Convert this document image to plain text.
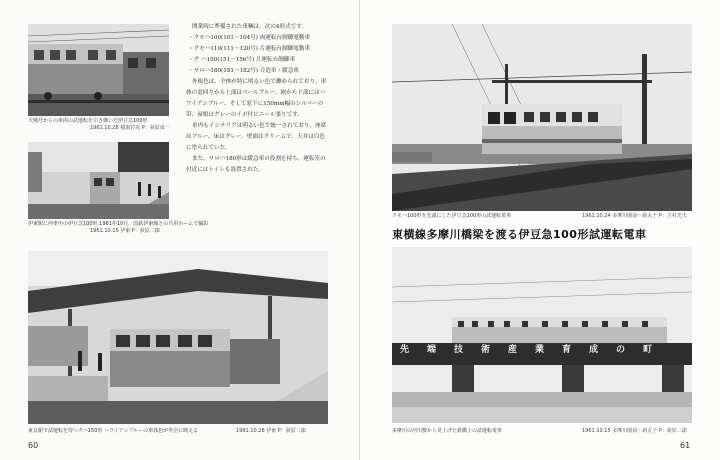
天城号からの車両の試運転を引き継いだ伊豆急100形
1961.10.28 稲取付近 P：荻原成一
伊東駅に停車中の伊豆急100形 1961年10月、国鉄伊東線との共用ホームで撮影
1961.10.15 伊東 P：荻原二郎

開業時に準備された車輌は、次の4形式です。

・クモハ100(101〜104号) 両運転台制御電動車
・クモハ110(111〜120号) 片運転台制御電動車
・ク ハ150(151〜156号) 片運転台制御車
・サロハ180(181〜182号) 合造車・緩急車

外板色は、全体が特に明るい色で纏められており、車体の窓回りから上部はペールブルー、裾からド部にはハワイアンブルー、そして窓下に150mm幅のシルバーの帯、屋根はグレーのイボ付ビニール張りです。

車内もインテリアは明るい色で統一されており、座席はブルー、床はグレー、壁面はクリームで、天井は白色に塗られていた。

また、サロハ180形は緩急車の役割を持ち、運転室の付近にはトイレも設置された。

東京駅で試運転を待つクハ150形 ハワイアンブルーの車体色が冬空に映える	1961.10.28 伊東 P：荻原二郎
60
クモハ100形を先頭にした伊豆急100形の試運転電車	1961.10.24 多摩川園前〜新丸子 P：吉村光夫
東横線多摩川橋梁を渡る伊豆急100形試運転電車
先端技術産業育成の町
多摩川の河川敷から見上げた鉄橋上の試運転電車	1961.10.15 多摩川園前〜新丸子 P：荻原二郎
61
